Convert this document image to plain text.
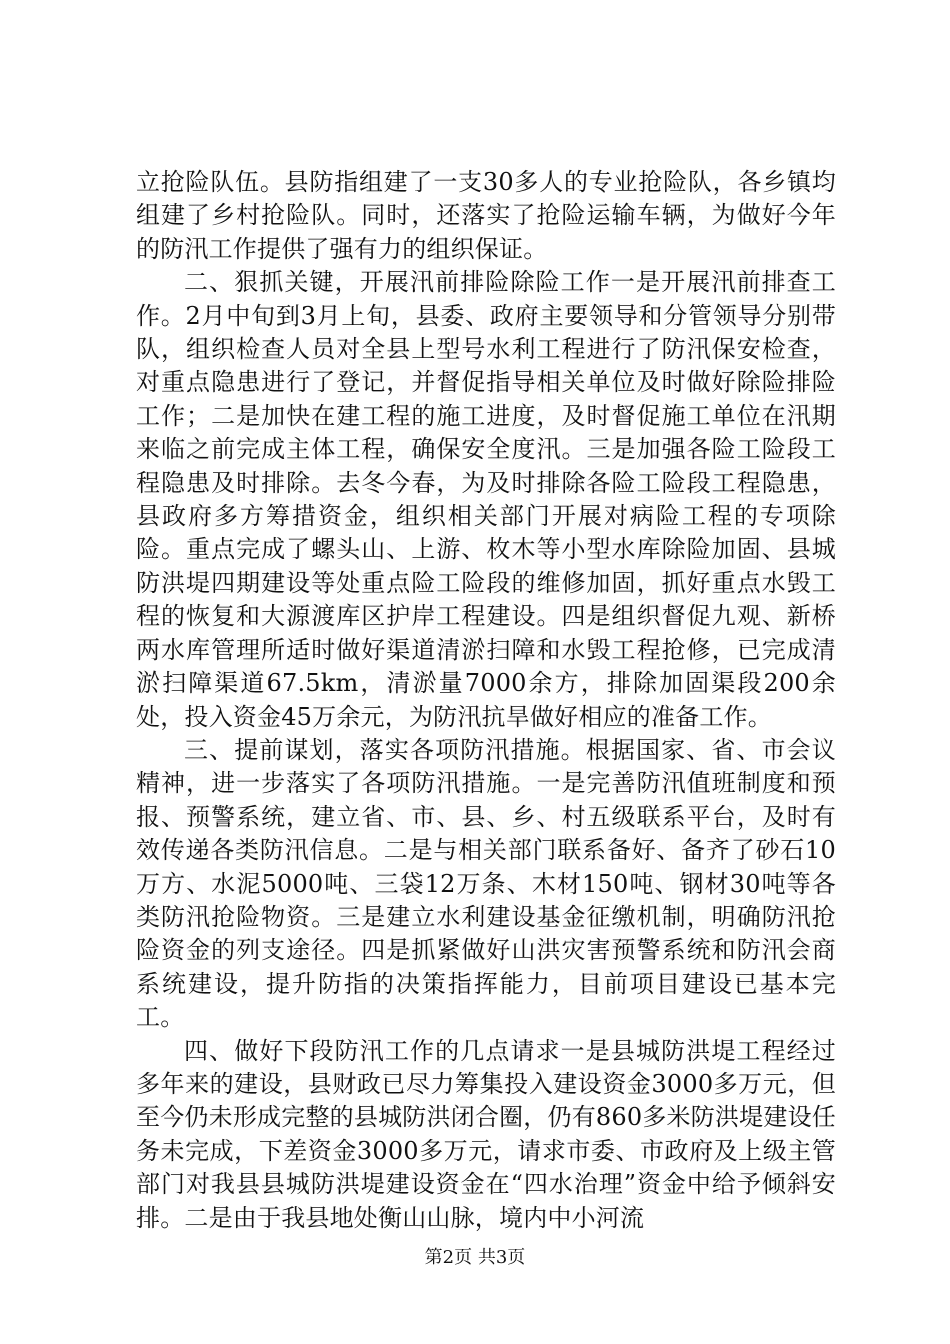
立抢险队伍。县防指组建了一支30多人的专业抢险队，各乡镇均组建了乡村抢险队。同时，还落实了抢险运输车辆，为做好今年的防汛工作提供了强有力的组织保证。

二、狠抓关键，开展汛前排险除险工作一是开展汛前排查工作。2月中旬到3月上旬，县委、政府主要领导和分管领导分别带队，组织检查人员对全县上型号水利工程进行了防汛保安检查，对重点隐患进行了登记，并督促指导相关单位及时做好除险排险工作；二是加快在建工程的施工进度，及时督促施工单位在汛期来临之前完成主体工程，确保安全度汛。三是加强各险工险段工程隐患及时排除。去冬今春，为及时排除各险工险段工程隐患，县政府多方筹措资金，组织相关部门开展对病险工程的专项除险。重点完成了螺头山、上游、枚木等小型水库除险加固、县城防洪堤四期建设等处重点险工险段的维修加固，抓好重点水毁工程的恢复和大源渡库区护岸工程建设。四是组织督促九观、新桥两水库管理所适时做好渠道清淤扫障和水毁工程抢修，已完成清淤扫障渠道67.5km，清淤量7000余方，排除加固渠段200余处，投入资金45万余元，为防汛抗旱做好相应的准备工作。

三、提前谋划，落实各项防汛措施。根据国家、省、市会议精神，进一步落实了各项防汛措施。一是完善防汛值班制度和预报、预警系统，建立省、市、县、乡、村五级联系平台，及时有效传递各类防汛信息。二是与相关部门联系备好、备齐了砂石10万方、水泥5000吨、三袋12万条、木材150吨、钢材30吨等各类防汛抢险物资。三是建立水利建设基金征缴机制，明确防汛抢险资金的列支途径。四是抓紧做好山洪灾害预警系统和防汛会商系统建设，提升防指的决策指挥能力，目前项目建设已基本完工。

四、做好下段防汛工作的几点请求一是县城防洪堤工程经过多年来的建设，县财政已尽力筹集投入建设资金3000多万元，但至今仍未形成完整的县城防洪闭合圈，仍有860多米防洪堤建设任务未完成，下差资金3000多万元，请求市委、市政府及上级主管部门对我县县城防洪堤建设资金在“四水治理”资金中给予倾斜安排。二是由于我县地处衡山山脉，境内中小河流

第2页 共3页
